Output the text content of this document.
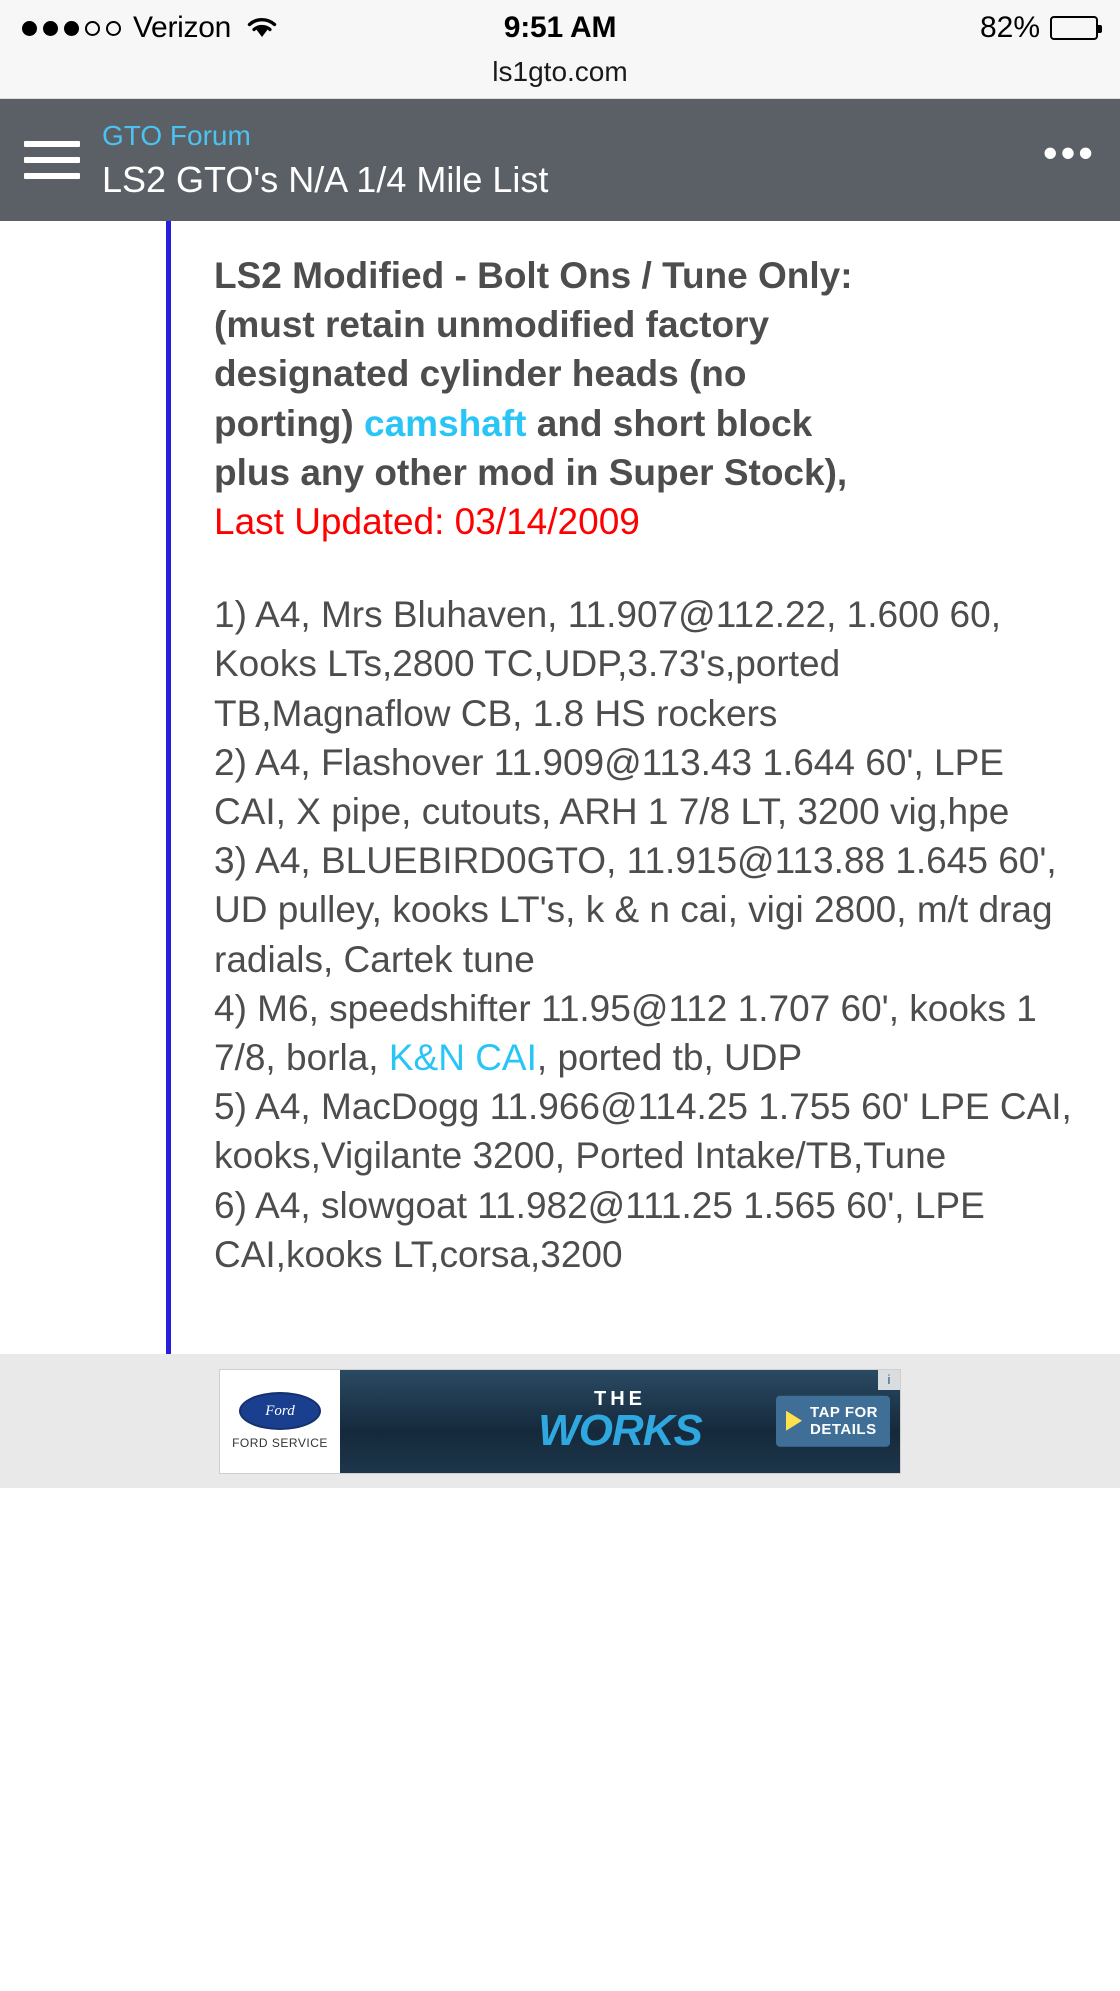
Verizon	9:51 AM	82%
ls1gto.com
GTO Forum
LS2 GTO's N/A 1/4 Mile List
•••
LS2 Modified - Bolt Ons / Tune Only:
(must retain unmodified factory
designated cylinder heads (no
porting) camshaft and short block
plus any other mod in Super Stock),
Last Updated: 03/14/2009

1) A4, Mrs Bluhaven, 11.907@112.22, 1.600 60, Kooks LTs,2800 TC,UDP,3.73's,ported TB,Magnaflow CB, 1.8 HS rockers

2) A4, Flashover 11.909@113.43 1.644 60', LPE CAI, X pipe, cutouts, ARH 1 7/8 LT, 3200 vig,hpe

3) A4, BLUEBIRD0GTO, 11.915@113.88 1.645 60', UD pulley, kooks LT's, k & n cai, vigi 2800, m/t drag radials, Cartek tune

4) M6, speedshifter 11.95@112 1.707 60', kooks 1 7/8, borla, K&N CAI, ported tb, UDP

5) A4, MacDogg 11.966@114.25 1.755 60' LPE CAI, kooks,Vigilante 3200, Ported Intake/TB,Tune

6) A4, slowgoat 11.982@111.25 1.565 60', LPE CAI,kooks LT,corsa,3200

Ford
FORD SERVICE
THE
WORKS	TAP FOR
DETAILS
i
